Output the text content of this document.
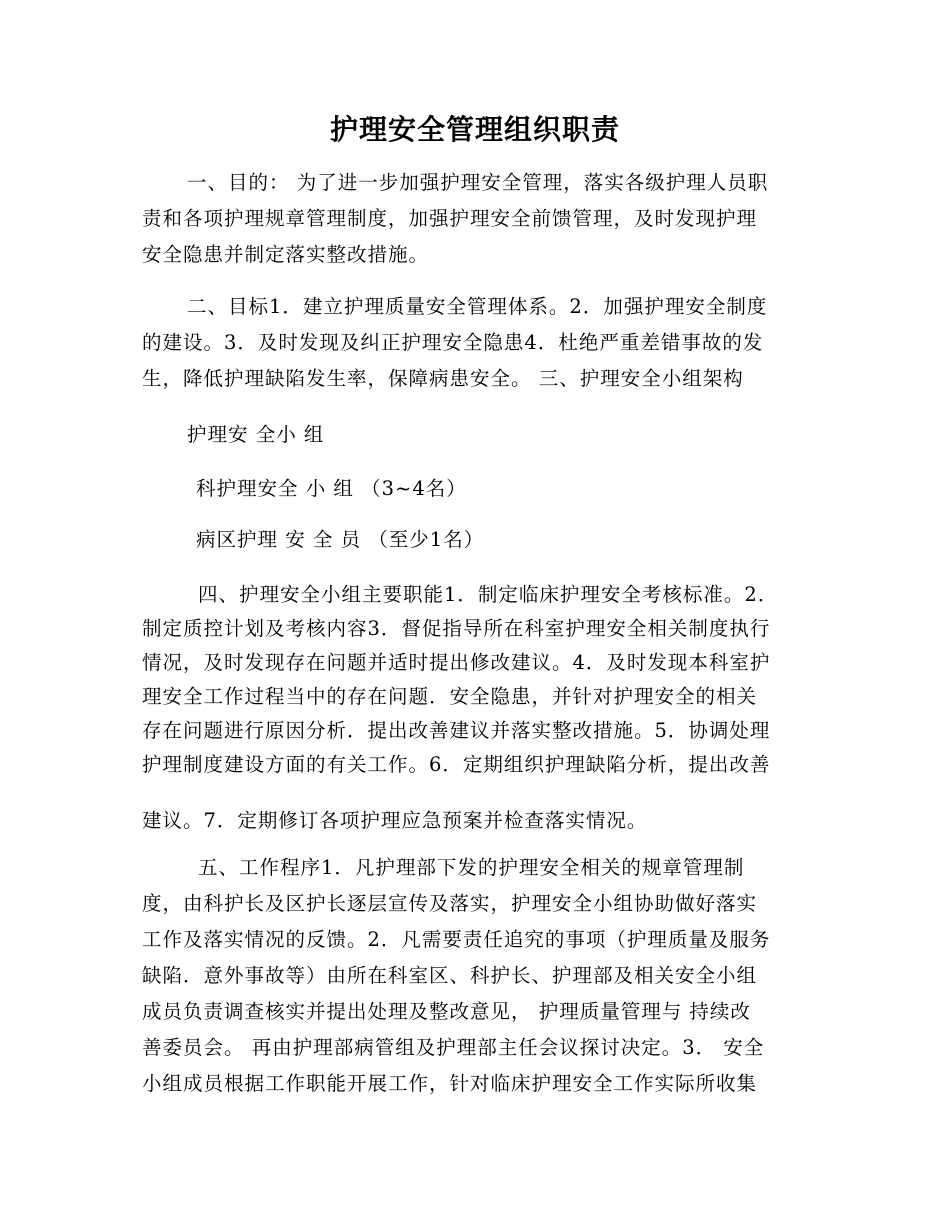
护理安全管理组织职责
一、目的： 为了进一步加强护理安全管理，落实各级护理人员职
责和各项护理规章管理制度，加强护理安全前馈管理，及时发现护理
安全隐患并制定落实整改措施。
二、目标1．建立护理质量安全管理体系。2．加强护理安全制度
的建设。3．及时发现及纠正护理安全隐患4．杜绝严重差错事故的发
生，降低护理缺陷发生率，保障病患安全。 三、护理安全小组架构
护理安 全小 组
科护理安全 小 组 （3~4名）
病区护理 安 全 员 （至少1名）
四、护理安全小组主要职能1．制定临床护理安全考核标准。2．
制定质控计划及考核内容3．督促指导所在科室护理安全相关制度执行
情况，及时发现存在问题并适时提出修改建议。4．及时发现本科室护
理安全工作过程当中的存在问题．安全隐患，并针对护理安全的相关
存在问题进行原因分析．提出改善建议并落实整改措施。5．协调处理
护理制度建设方面的有关工作。6．定期组织护理缺陷分析，提出改善
建议。7．定期修订各项护理应急预案并检查落实情况。
五、工作程序1．凡护理部下发的护理安全相关的规章管理制
度，由科护长及区护长逐层宣传及落实，护理安全小组协助做好落实
工作及落实情况的反馈。2．凡需要责任追究的事项（护理质量及服务
缺陷．意外事故等）由所在科室区、科护长、护理部及相关安全小组
成员负责调查核实并提出处理及整改意见， 护理质量管理与 持续改
善委员会。 再由护理部病管组及护理部主任会议探讨决定。3． 安全
小组成员根据工作职能开展工作，针对临床护理安全工作实际所收集
